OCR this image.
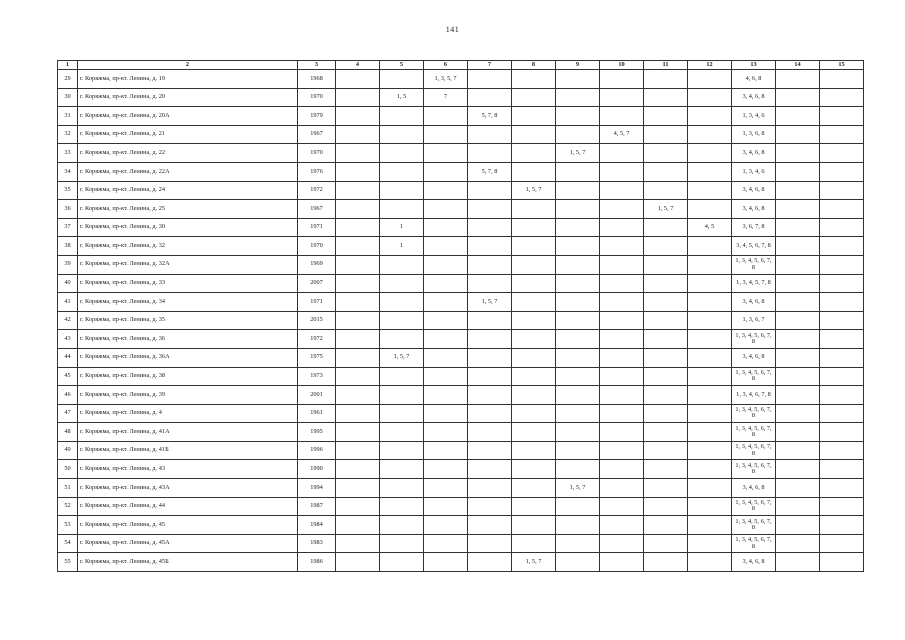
141
1	2	3	4	5	6	7	8	9	10	11	12	13	14	15
29	г. Коряжма, пр-кт. Ленина, д. 19	1968			1, 3, 5, 7							4, 6, 8		
30	г. Коряжма, пр-кт. Ленина, д. 20	1970		1, 5	7							3, 4, 6, 8		
31	г. Коряжма, пр-кт. Ленина, д. 20А	1979				5, 7, 8						1, 3, 4, 6		
32	г. Коряжма, пр-кт. Ленина, д. 21	1967							4, 5, 7			1, 3, 6, 8		
33	г. Коряжма, пр-кт. Ленина, д. 22	1970						1, 5, 7				3, 4, 6, 8		
34	г. Коряжма, пр-кт. Ленина, д. 22А	1976				5, 7, 8						1, 3, 4, 6		
35	г. Коряжма, пр-кт. Ленина, д. 24	1972					1, 5, 7					3, 4, 6, 8		
36	г. Коряжма, пр-кт. Ленина, д. 25	1967								1, 5, 7		3, 4, 6, 8		
37	г. Коряжма, пр-кт. Ленина, д. 30	1971		1							4, 5	3, 6, 7, 8		
38	г. Коряжма, пр-кт. Ленина, д. 32	1970		1								3, 4, 5, 6, 7, 8		
39	г. Коряжма, пр-кт. Ленина, д. 32А	1969										1, 3, 4, 5, 6, 7, 8		
40	г. Коряжма, пр-кт. Ленина, д. 33	2007										1, 3, 4, 5, 7, 8		
41	г. Коряжма, пр-кт. Ленина, д. 34	1971				1, 5, 7						3, 4, 6, 8		
42	г. Коряжма, пр-кт. Ленина, д. 35	2015										1, 3, 6, 7		
43	г. Коряжма, пр-кт. Ленина, д. 36	1972										1, 3, 4, 5, 6, 7, 8		
44	г. Коряжма, пр-кт. Ленина, д. 36А	1975		1, 5, 7								3, 4, 6, 8		
45	г. Коряжма, пр-кт. Ленина, д. 38	1973										1, 3, 4, 5, 6, 7, 8		
46	г. Коряжма, пр-кт. Ленина, д. 39	2001										1, 3, 4, 6, 7, 8		
47	г. Коряжма, пр-кт. Ленина, д. 4	1961										1, 3, 4, 5, 6, 7, 8		
48	г. Коряжма, пр-кт. Ленина, д. 41А	1995										1, 3, 4, 5, 6, 7, 8		
49	г. Коряжма, пр-кт. Ленина, д. 41Б	1996										1, 3, 4, 5, 6, 7, 8		
50	г. Коряжма, пр-кт. Ленина, д. 43	1990										1, 3, 4, 5, 6, 7, 8		
51	г. Коряжма, пр-кт. Ленина, д. 43А	1994						1, 5, 7				3, 4, 6, 8		
52	г. Коряжма, пр-кт. Ленина, д. 44	1987										1, 3, 4, 5, 6, 7, 8		
53	г. Коряжма, пр-кт. Ленина, д. 45	1984										1, 3, 4, 5, 6, 7, 8		
54	г. Коряжма, пр-кт. Ленина, д. 45А	1983										1, 3, 4, 5, 6, 7, 8		
55	г. Коряжма, пр-кт. Ленина, д. 45Б	1986					1, 5, 7					3, 4, 6, 8		
